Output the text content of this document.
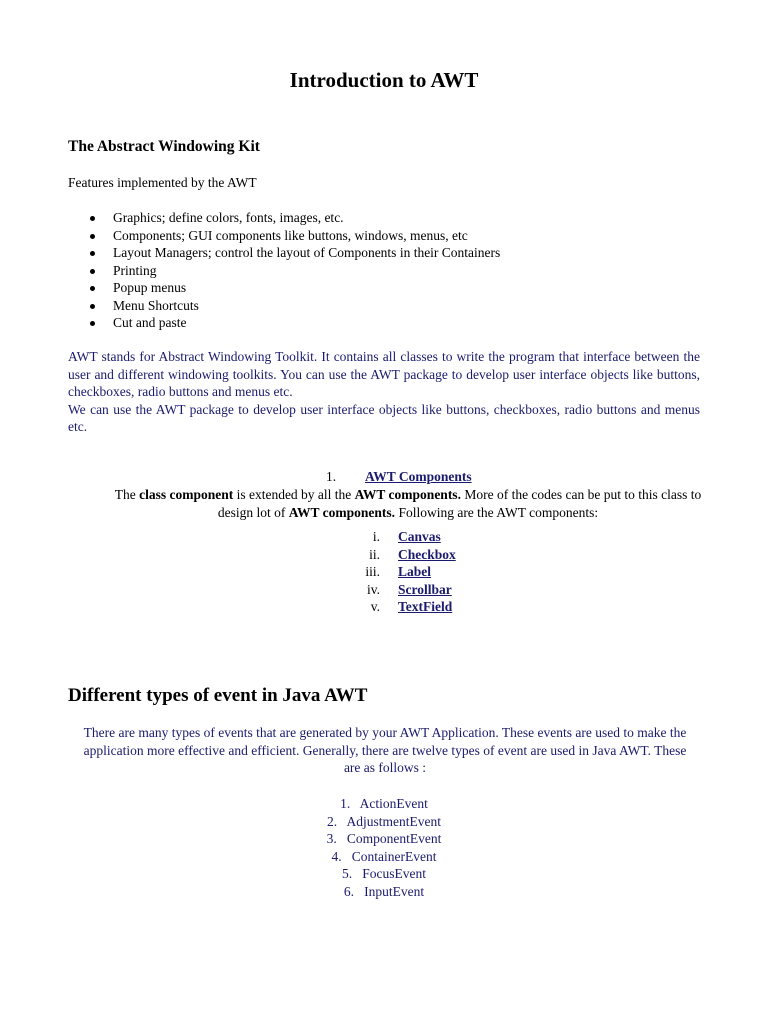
Introduction to AWT
The Abstract Windowing Kit
Features implemented by the AWT
Graphics; define colors, fonts, images, etc.
Components; GUI components like buttons, windows, menus, etc
Layout Managers; control the layout of Components in their Containers
Printing
Popup menus
Menu Shortcuts
Cut and paste

AWT stands for Abstract Windowing Toolkit. It contains all classes to write the program that interface between the user and different windowing toolkits. You can use the AWT package to develop user interface objects like buttons, checkboxes, radio buttons and menus etc.

We can use the AWT package to develop user interface objects like buttons, checkboxes, radio buttons and menus etc.

1. AWT Components
The class component is extended by all the AWT components. More of the codes can be put to this class to design lot of AWT components. Following are the AWT components:
i. Canvas
ii. Checkbox
iii. Label
iv. Scrollbar
v. TextField
Different types of event in Java AWT
There are many types of events that are generated by your AWT Application. These events are used to make the application more effective and efficient. Generally, there are twelve types of event are used in Java AWT. These are as follows :
1.   ActionEvent
2.   AdjustmentEvent
3.   ComponentEvent
4.   ContainerEvent
5.   FocusEvent
6.   InputEvent
